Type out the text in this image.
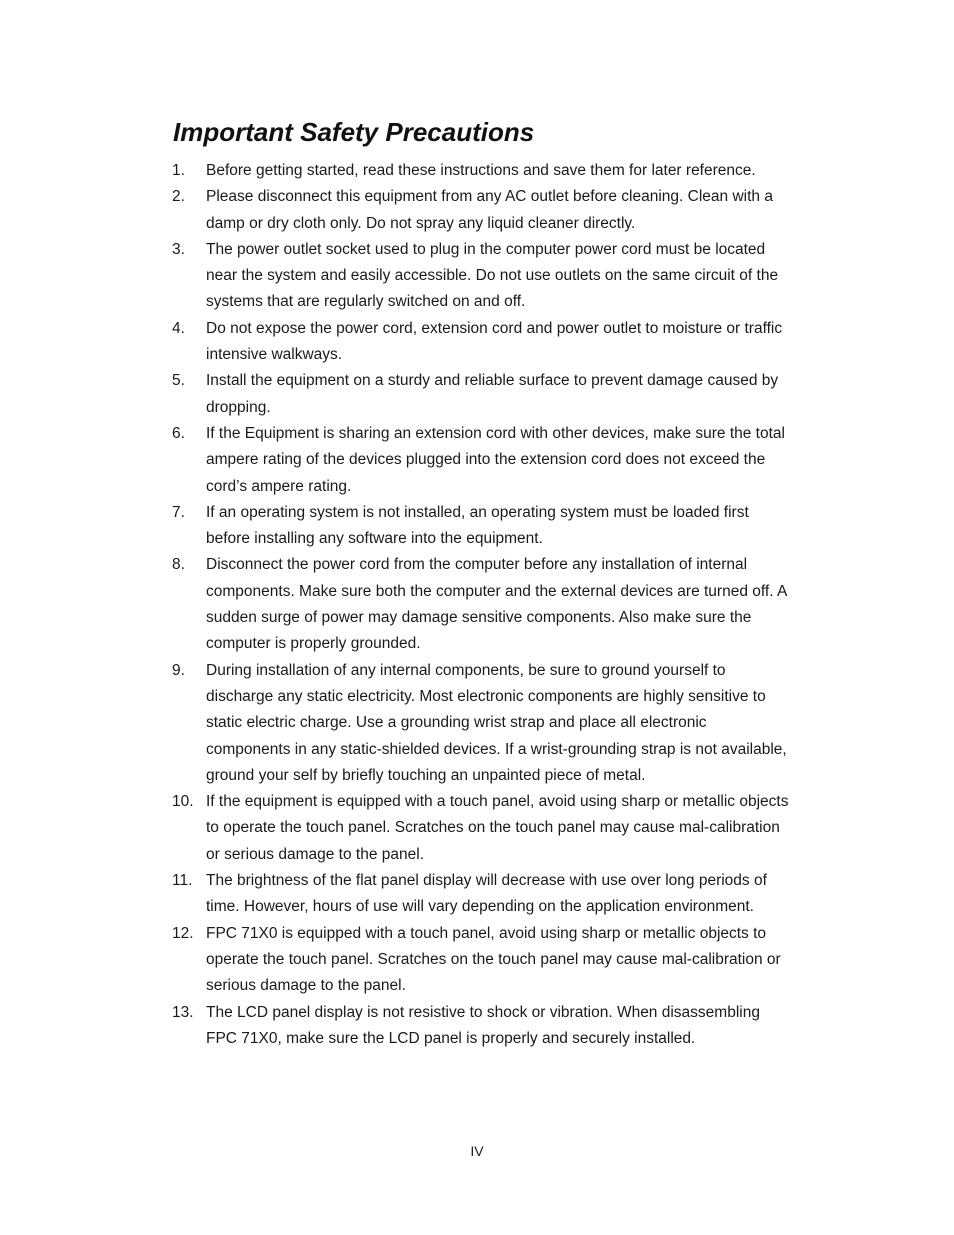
Important Safety Precautions
1.	Before getting started, read these instructions and save them for later reference.
2.	Please disconnect this equipment from any AC outlet before cleaning. Clean with a damp or dry cloth only. Do not spray any liquid cleaner directly.
3.	The power outlet socket used to plug in the computer power cord must be located near the system and easily accessible. Do not use outlets on the same circuit of the systems that are regularly switched on and off.
4.	Do not expose the power cord, extension cord and power outlet to moisture or traffic intensive walkways.
5.	Install the equipment on a sturdy and reliable surface to prevent damage caused by dropping.
6.	If the Equipment is sharing an extension cord with other devices, make sure the total ampere rating of the devices plugged into the extension cord does not exceed the cord’s ampere rating.
7.	If an operating system is not installed, an operating system must be loaded first before installing any software into the equipment.
8.	Disconnect the power cord from the computer before any installation of internal components. Make sure both the computer and the external devices are turned off. A sudden surge of power may damage sensitive components. Also make sure the computer is properly grounded.
9.	During installation of any internal components, be sure to ground yourself to discharge any static electricity. Most electronic components are highly sensitive to static electric charge. Use a grounding wrist strap and place all electronic components in any static-shielded devices. If a wrist-grounding strap is not available, ground your self by briefly touching an unpainted piece of metal.
10. If the equipment is equipped with a touch panel, avoid using sharp or metallic objects to operate the touch panel. Scratches on the touch panel may cause mal-calibration or serious damage to the panel.
11. The brightness of the flat panel display will decrease with use over long periods of time. However, hours of use will vary depending on the application environment.
12. FPC 71X0 is equipped with a touch panel, avoid using sharp or metallic objects to operate the touch panel. Scratches on the touch panel may cause mal-calibration or serious damage to the panel.
13. The LCD panel display is not resistive to shock or vibration. When disassembling FPC 71X0, make sure the LCD panel is properly and securely installed.
IV
